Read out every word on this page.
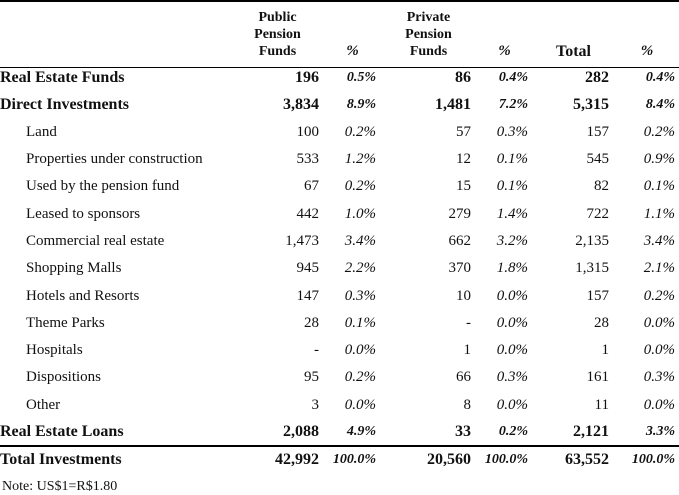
	Public
Pension
Funds	%	Private
Pension
Funds	%	Total	%
Real Estate Funds	196	0.5%	86	0.4%	282	0.4%
Direct Investments	3,834	8.9%	1,481	7.2%	5,315	8.4%
Land	100	0.2%	57	0.3%	157	0.2%
Properties under construction	533	1.2%	12	0.1%	545	0.9%
Used by the pension fund	67	0.2%	15	0.1%	82	0.1%
Leased to sponsors	442	1.0%	279	1.4%	722	1.1%
Commercial real estate	1,473	3.4%	662	3.2%	2,135	3.4%
Shopping Malls	945	2.2%	370	1.8%	1,315	2.1%
Hotels and Resorts	147	0.3%	10	0.0%	157	0.2%
Theme Parks	28	0.1%	-	0.0%	28	0.0%
Hospitals	-	0.0%	1	0.0%	1	0.0%
Dispositions	95	0.2%	66	0.3%	161	0.3%
Other	3	0.0%	8	0.0%	11	0.0%
Real Estate Loans	2,088	4.9%	33	0.2%	2,121	3.3%
Total Investments	42,992	100.0%	20,560	100.0%	63,552	100.0%
Note: US$1=R$1.80
